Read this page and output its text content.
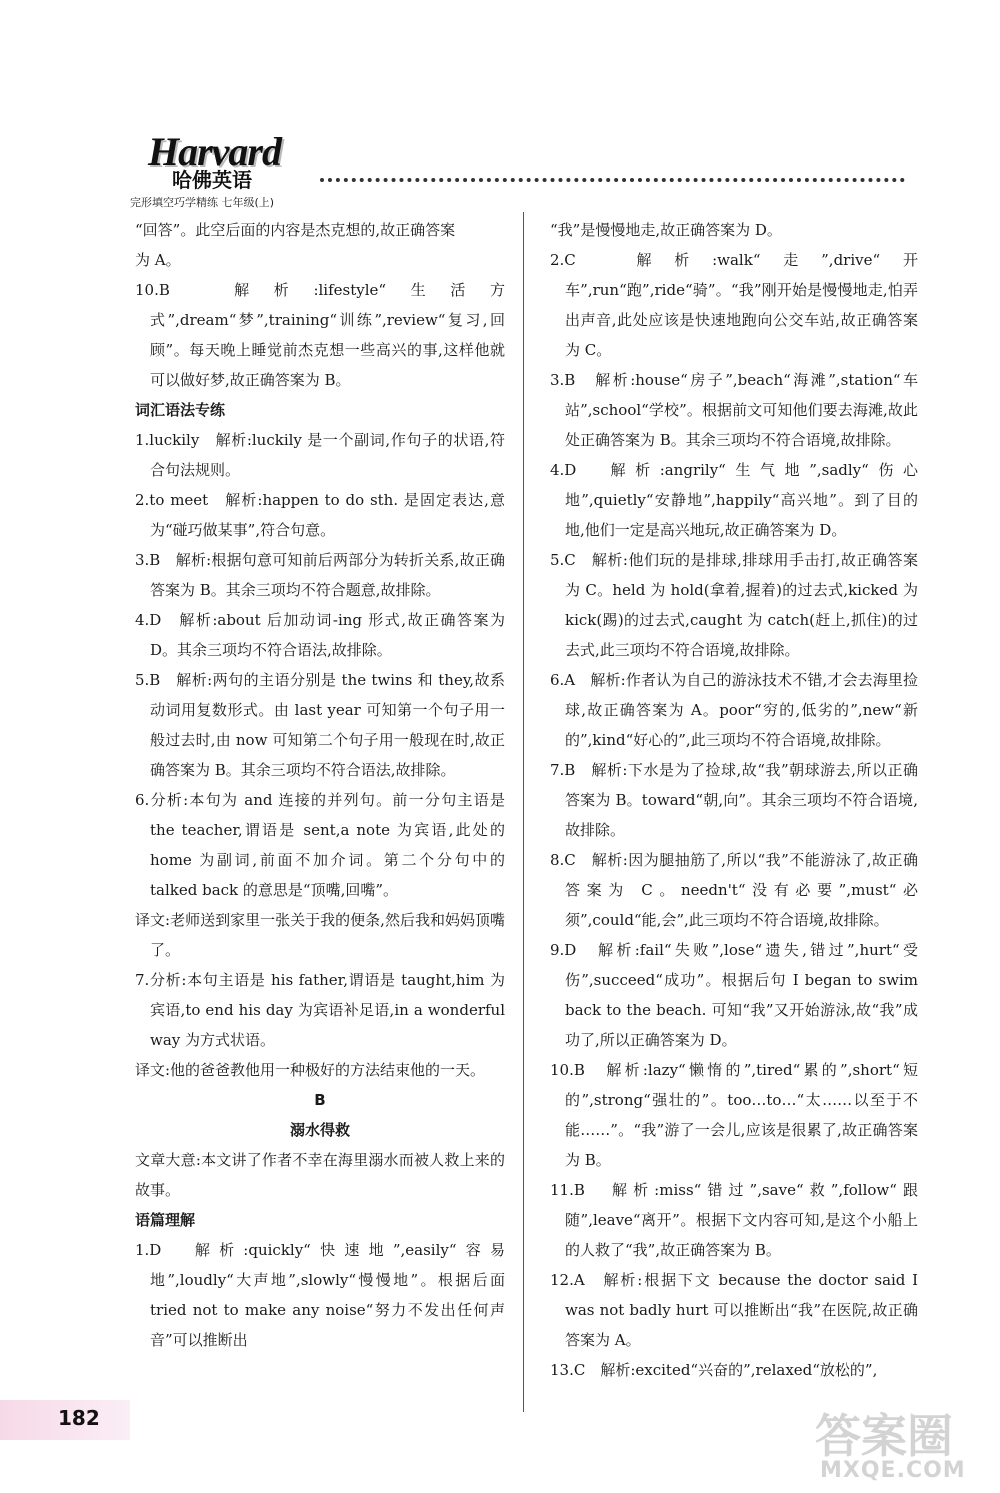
Harvard
哈佛英语
完形填空巧学精练 七年级(上)

“回答”。此空后面的内容是杰克想的,故正确答案

为 A。

10.B　解析:lifestyle“生活方式”,dream“梦”,training“训练”,review“复习,回顾”。每天晚上睡觉前杰克想一些高兴的事,这样他就可以做好梦,故正确答案为 B。

词汇语法专练

1.luckily　解析:luckily 是一个副词,作句子的状语,符合句法规则。

2.to meet　解析:happen to do sth. 是固定表达,意为“碰巧做某事”,符合句意。

3.B　解析:根据句意可知前后两部分为转折关系,故正确答案为 B。其余三项均不符合题意,故排除。

4.D　解析:about 后加动词-ing 形式,故正确答案为 D。其余三项均不符合语法,故排除。

5.B　解析:两句的主语分别是 the twins 和 they,故系动词用复数形式。由 last year 可知第一个句子用一般过去时,由 now 可知第二个句子用一般现在时,故正确答案为 B。其余三项均不符合语法,故排除。

6.分析:本句为 and 连接的并列句。前一分句主语是 the teacher,谓语是 sent,a note 为宾语,此处的 home 为副词,前面不加介词。第二个分句中的 talked back 的意思是“顶嘴,回嘴”。

译文:老师送到家里一张关于我的便条,然后我和妈妈顶嘴了。

7.分析:本句主语是 his father,谓语是 taught,him 为宾语,to end his day 为宾语补足语,in a wonderful way 为方式状语。

译文:他的爸爸教他用一种极好的方法结束他的一天。

B

溺水得救

文章大意:本文讲了作者不幸在海里溺水而被人救上来的故事。

语篇理解

1.D　解析:quickly“快速地”,easily“容易地”,loudly“大声地”,slowly“慢慢地”。根据后面 tried not to make any noise“努力不发出任何声音”可以推断出

“我”是慢慢地走,故正确答案为 D。

2.C　解析:walk“走”,drive“开车”,run“跑”,ride“骑”。“我”刚开始是慢慢地走,怕弄出声音,此处应该是快速地跑向公交车站,故正确答案为 C。

3.B　解析:house“房子”,beach“海滩”,station“车站”,school“学校”。根据前文可知他们要去海滩,故此处正确答案为 B。其余三项均不符合语境,故排除。

4.D　解析:angrily“生气地”,sadly“伤心地”,quietly“安静地”,happily“高兴地”。到了目的地,他们一定是高兴地玩,故正确答案为 D。

5.C　解析:他们玩的是排球,排球用手击打,故正确答案为 C。held 为 hold(拿着,握着)的过去式,kicked 为 kick(踢)的过去式,caught 为 catch(赶上,抓住)的过去式,此三项均不符合语境,故排除。

6.A　解析:作者认为自己的游泳技术不错,才会去海里捡球,故正确答案为 A。poor“穷的,低劣的”,new“新的”,kind“好心的”,此三项均不符合语境,故排除。

7.B　解析:下水是为了捡球,故“我”朝球游去,所以正确答案为 B。toward“朝,向”。其余三项均不符合语境,故排除。

8.C　解析:因为腿抽筋了,所以“我”不能游泳了,故正确答案为 C。needn't“没有必要”,must“必须”,could“能,会”,此三项均不符合语境,故排除。

9.D　解析:fail“失败”,lose“遗失,错过”,hurt“受伤”,succeed“成功”。根据后句 I began to swim back to the beach. 可知“我”又开始游泳,故“我”成功了,所以正确答案为 D。

10.B　解析:lazy“懒惰的”,tired“累的”,short“短的”,strong“强壮的”。too…to…“太……以至于不能……”。“我”游了一会儿,应该是很累了,故正确答案为 B。

11.B　解析:miss“错过”,save“救”,follow“跟随”,leave“离开”。根据下文内容可知,是这个小船上的人救了“我”,故正确答案为 B。

12.A　解析:根据下文 because the doctor said I was not badly hurt 可以推断出“我”在医院,故正确答案为 A。

13.C　解析:excited“兴奋的”,relaxed“放松的”,

182	答案圈
MXQE.COM
